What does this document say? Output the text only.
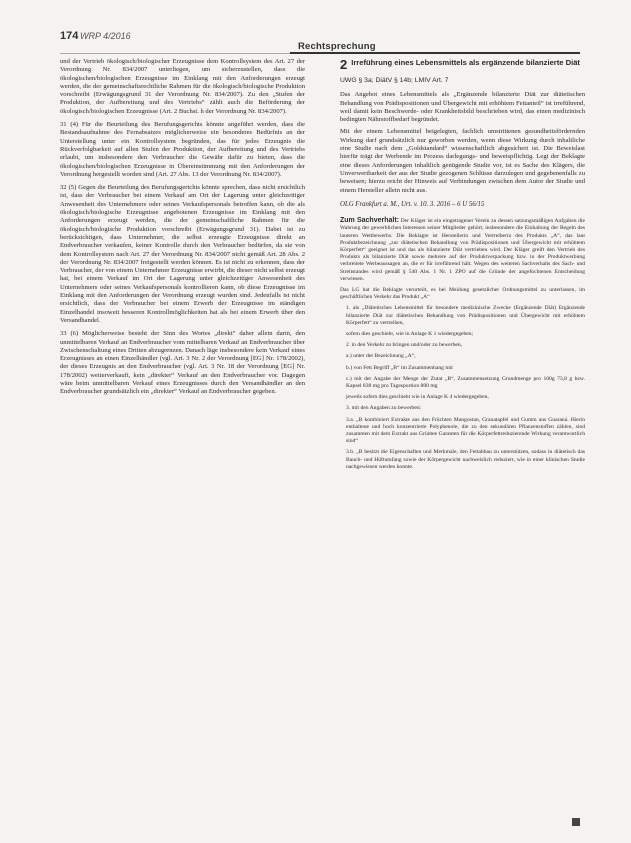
174 WRP 4/2016
Rechtsprechung

und der Vertrieb ökologisch/biologischer Erzeugnisse dem Kontrollsystem des Art. 27 der Verordnung Nr. 834/2007 unterliegen, um sicherzustellen, dass die ökologischen/biologischen Erzeugnisse im Einklang mit den Anforderungen erzeugt werden, die der gemeinschaftsrechtliche Rahmen für die ökologisch/biologische Produktion vorschreibt (Erwägungsgrund 31 der Verordnung Nr. 834/2007). Zu den „Stufen der Produktion, der Aufbereitung und des Vertriebs“ zählt auch die Beförderung der ökologisch/biologischen Erzeugnisse (Art. 2 Buchst. h der Verordnung Nr. 834/2007).

31 (4) Für die Beurteilung des Berufungsgerichts könnte angeführt werden, dass die Bestandsaufnahme des Fernabsatzes möglicherweise ein besonderes Bedürfnis an der Unterstellung unter ein Kontrollsystem begründen, das für jedes Erzeugnis die Rückverfolgbarkeit auf allen Stufen der Produktion, der Aufbereitung und des Vertriebs erlaubt, um insbesondere den Verbraucher die Gewähr dafür zu bieten, dass die ökologischen/biologischen Erzeugnisse in Übereinstimmung mit den Anforderungen der Verordnung hergestellt worden sind (Art. 27 Abs. 13 der Verordnung Nr. 834/2007).

32 (5) Gegen die Beurteilung des Berufungsgerichts könnte sprechen, dass nicht ersichtlich ist, dass der Verbraucher bei einem Verkauf am Ort der Lagerung unter gleichzeitiger Anwesenheit des Unternehmers oder seines Verkaufspersonals betroffen kann, ob die als ökologisch/biologische Erzeugnisse angebotenen Erzeugnisse im Einklang mit den Anforderungen erzeugt werden, die der gemeinschaftliche Rahmen für die ökologisch/biologische Produktion vorschreibt (Erwägungsgrund 31). Dabei ist zu berücksichtigen, dass Unternehmer, die selbst erzeugte Erzeugnisse direkt an Endverbraucher verkaufen, keiner Kontrolle durch den Verbraucher bedürfen, da sie von dem Kontrollsystem nach Art. 27 der Verordnung Nr. 834/2007 nicht gemäß Art. 28 Abs. 2 der Verordnung Nr. 834/2007 freigestellt werden können. Es ist nicht zu erkennen, dass der Verbraucher, der von einem Unternehmer Erzeugnisse erwirbt, die dieser nicht selbst erzeugt hat, bei einem Verkauf im Ort der Lagerung unter gleichzeitiger Anwesenheit des Unternehmers oder seines Verkaufspersonals kontrollieren kann, ob diese Erzeugnisse im Einklang mit den Anforderungen der Verordnung erzeugt wurden sind. Jedenfalls ist nicht ersichtlich, dass der Verbraucher bei einem Erwerb der Erzeugnisse im ständigen Einzelhandel insoweit besseren Kontrollmöglichkeiten hat als bei einem Erwerb über den Versandhandel.

33 (6) Möglicherweise besteht der Sinn des Wortes „direkt“ daher allein darin, den unmittelbaren Verkauf an Endverbraucher vom mittelbaren Verkauf an Endverbraucher über Zwischenschaltung eines Dritten abzugrenzen. Danach läge insbesondere kein Verkauf eines Erzeugnisses an einen Einzelhändler (vgl. Art. 3 Nr. 2 der Verordnung [EG] Nr. 178/2002), der dieses Erzeugnis an den Endverbraucher (vgl. Art. 3 Nr. 18 der Verordnung [EG] Nr. 178/2002) weiterverkauft, kein „direkter“ Verkauf an den Endverbraucher vor. Dagegen wäre beim unmittelbaren Verkauf eines Erzeugnisses durch den Versandhändler an den Endverbraucher grundsätzlich ein „direkter“ Verkauf an Endverbraucher gegeben.

2 Irreführung eines Lebensmittels als ergänzende bilanzierte Diät
UWG § 3a; DiätV § 14b; LMIV Art. 7

Das Angebot eines Lebensmittels als „Ergänzende bilanzierte Diät zur diätetischen Behandlung von Prädispositionen und Übergewicht mit erhöhtem Fettanteil“ ist irreführend, weil damit kein Beschwerde- oder Krankheitsbild beschrieben wird, das einen medizinisch bedingten Nährstoffbedarf begründet.

Mit der einem Lebensmittel beigelegten, fachlich umstrittenen gesundheitsfördernden Wirkung darf grundsätzlich nur geworben werden, wenn diese Wirkung durch inhaltliche eine Studie nach dem „Goldstandard“ wissenschaftlich abgesichert ist. Die Beweislast hierfür trägt der Werbende im Prozess darlegungs- und beweispflichtig. Legt der Beklagte eine dieses Anforderungen inhaltlich genügende Studie vor, ist es Sache des Klägers, die Unverwertbarkeit der aus der Studie gezogenen Schlüsse darzulegen und gegebenenfalls zu beweisen; hierzu reicht der Hinweis auf Verbindungen zwischen dem Autor der Studie und einem Hersteller allein nicht aus.

OLG Frankfurt a. M., Urt. v. 10. 3. 2016 – 6 U 56/15

Zum Sachverhalt: Der Kläger ist ein eingetragener Verein zu dessen satzungsmäßigen Aufgaben die Wahrung der gewerblichen Interessen seiner Mitglieder gehört, insbesondere die Einhaltung der Regeln des lauteren Wettbewerbs. Die Beklagte ist Herstellerin und Vertreiberin des Produkts „A“, das laut Produktbezeichnung „zur diätetischen Behandlung von Prädispositionen und Übergewicht mit erhöhtem Körperfett“ geeignet ist und das als bilanzierte Diät vertrieben wird. Der Kläger greift den Vertrieb des Produkts als bilanzierte Diät sowie mehrere auf der Produktverpackung bzw. in der Produktwerbung verbreitete Werbeaussagen an, die er für irreführend hält. Wegen des weiteren Sachverhalts des Sach- und Streitstandes wird gemäß § 540 Abs. 1 Nr. 1 ZPO auf die Gründe der angefochtenen Entscheidung verwiesen.

Das LG hat die Beklagte verurteilt, es bei Meidung gesetzlicher Ordnungsmittel zu unterlassen, im geschäftlichen Verkehr das Produkt „A“

1. als „Diätetisches Lebensmittel für besondere medizinische Zwecke (Ergänzende Diät) Ergänzende bilanzierte Diät zur diätetischen Behandlung von Prädispositionen und Übergewicht mit erhöhtem Körperfett“ zu vertreiben,

sofern dies geschieht, wie in Anlage K 1 wiedergegeben;

2. in den Verkehr zu bringen und/oder zu bewerben,

a.) unter der Bezeichnung „A“,

b.) von Fett Begriff „B“ im Zusammenhang mit

c.) mit der Angabe der Menge der Zutat „B“, Zusammensetzung Grundmenge pro 100g 73,8 g bzw. Kapsel 838 mg pro Tagesportion 800 mg

jeweils sofern dies geschieht wie in Anlage K 4 wiedergegeben,

3. mit den Angaben zu bewerben:

3.a. „B kombiniert Extrakte aus den Früchten Mangostan, Granatapfel und Gumm aus Guaraná. Hierin enthaltene und hoch konzentrierte Polyphenole, die zu den sekundären Pflanzenstoffen zählen, sind zusammen mit dem Extrakt aus Grüntee Garanten für die Körperfettreduzierende Wirkung verantwortlich sind“

3.b. „B besitzt die Eigenschaften und Merkmale, den Fettabbau zu unterstützen, sodass in diätetisch das Bauch- und Hüftumfang sowie der Körpergewicht nachweislich reduziert, wie in einer klinischen Studie nachgewiesen werden konnte.
